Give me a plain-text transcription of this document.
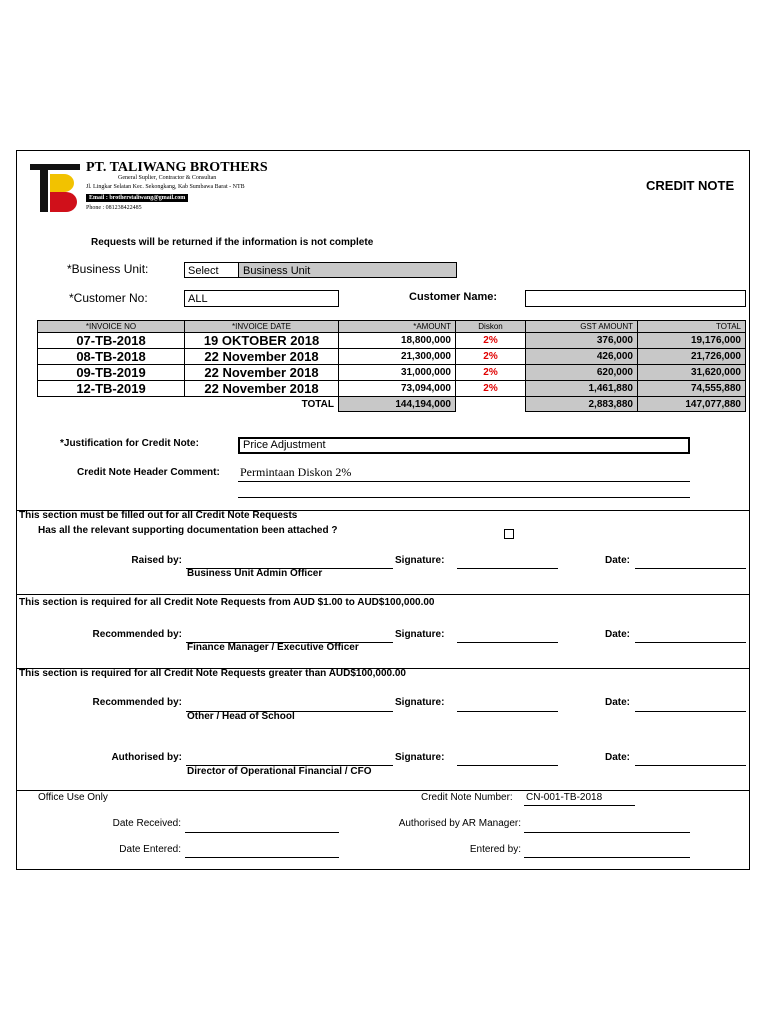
PT. TALIWANG BROTHERS
General Suplier, Contractor & Consultan
Jl. Lingkar Selatan Kec. Sekongkang, Kab Sumbawa Barat - NTB
Email : brotherstaliwang@gmail.com
Phone : 081238422485
CREDIT NOTE
Requests will be returned if the information is not complete
*Business Unit:	Select	Business Unit
*Customer No:	ALL	Customer Name:
*INVOICE NO	*INVOICE DATE	*AMOUNT	Diskon	GST AMOUNT	TOTAL
07-TB-2018	19 OKTOBER 2018	18,800,000	2%	376,000	19,176,000
08-TB-2018	22 November 2018	21,300,000	2%	426,000	21,726,000
09-TB-2019	22 November 2018	31,000,000	2%	620,000	31,620,000
12-TB-2019	22 November 2018	73,094,000	2%	1,461,880	74,555,880
	TOTAL	144,194,000		2,883,880	147,077,880
*Justification for Credit Note:	Price Adjustment
Credit Note Header Comment: Permintaan Diskon 2%
This section must be filled out for all Credit Note Requests
Has all the relevant supporting documentation been attached ?
Raised by:
Business Unit Admin Officer
Signature:	Date:
This section is required for all Credit Note Requests from AUD $1.00 to AUD$100,000.00
Recommended by:
Finance Manager / Executive Officer
Signature:	Date:
This section is required for all Credit Note Requests greater than AUD$100,000.00
Recommended by:
Other / Head of School
Signature:	Date:
Authorised by:
Director of Operational Financial / CFO
Signature:	Date:
Office Use Only	Credit Note Number: CN-001-TB-2018
Date Received:	Authorised by AR Manager:
Date Entered:	Entered by:
